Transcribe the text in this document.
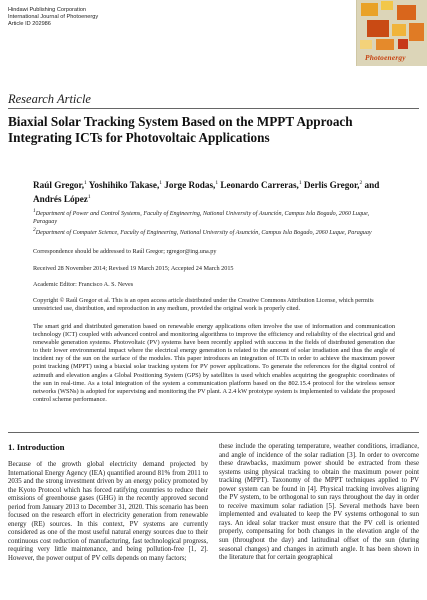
Hindawi Publishing Corporation
International Journal of Photoenergy
Article ID 202986
Photoenergy
Research Article
Biaxial Solar Tracking System Based on the MPPT Approach Integrating ICTs for Photovoltaic Applications
Raúl Gregor,$^1$ Yoshihiko Takase,$^1$ Jorge Rodas,$^1$ Leonardo Carreras,$^1$ Derlis Gregor,$^2$ and Andrés López$^1$
$^1$Department of Power and Control Systems, Faculty of Engineering, National University of Asunción, Campus Isla Bogado, 2060 Luque, Paraguay
$^2$Department of Computer Science, Faculty of Engineering, National University of Asunción, Campus Isla Bogado, 2060 Luque, Paraguay
Correspondence should be addressed to Raúl Gregor; rgregor@ing.una.py
Received 28 November 2014; Revised 19 March 2015; Accepted 24 March 2015
Academic Editor: Francisco A. S. Neves
Copyright © Raúl Gregor et al. This is an open access article distributed under the Creative Commons Attribution License, which permits unrestricted use, distribution, and reproduction in any medium, provided the original work is properly cited.
The smart grid and distributed generation based on renewable energy applications often involve the use of information and communication technology (ICT) coupled with advanced control and monitoring algorithms to improve the efficiency and reliability of the electrical grid and renewable generation systems. Photovoltaic (PV) systems have been recently applied with success in the fields of distributed generation due to their lower environmental impact where the electrical energy generation is related to the amount of solar irradiation and thus the angle of incident ray of the sun on the surface of the modules. This paper introduces an integration of ICTs in order to achieve the maximum power point tracking (MPPT) using a biaxial solar tracking system for PV power applications. To generate the references for the digital control of azimuth and elevation angles a Global Positioning System (GPS) by satellites is used which enables acquiring the geographic coordinates of the sun in real-time. As a total integration of the system a communication platform based on the 802.15.4 protocol for the wireless sensor networks (WSNs) is adopted for supervising and monitoring the PV plant. A 2.4 kW prototype system is implemented to validate the proposed control scheme performance.
1. Introduction
Because of the growth global electricity demand projected by International Energy Agency (IEA) quantified around 81% from 2011 to 2035 and the strong investment driven by an energy policy promoted by the Kyoto Protocol which has forced ratifying countries to reduce their emissions of greenhouse gases (GHG) in the recently approved second period from January 2013 to December 31, 2020. This scenario has been focused on the research effort in electricity generation from renewable energy (RE) sources. In this context, PV systems are currently considered as one of the most useful natural energy sources due to their continuous cost reduction of manufacturing, fast technological progress, requiring very little maintenance, and being pollution-free [1, 2]. However, the power output of PV cells depends on many factors;
these include the operating temperature, weather conditions, irradiance, and angle of incidence of the solar radiation [3]. In order to overcome these drawbacks, maximum power should be extracted from these systems using physical tracking to obtain the maximum power point tracking (MPPT). Taxonomy of the MPPT techniques applied to PV power system can be found in [4]. Physical tracking involves aligning the PV system, to be orthogonal to sun rays throughout the day in order to receive maximum solar radiation [5]. Several methods have been implemented and evaluated to keep the PV systems orthogonal to sun rays. An ideal solar tracker must ensure that the PV cell is oriented properly, compensating for both changes in the elevation angle of the sun (throughout the day) and latitudinal offset of the sun (during seasonal changes) and changes in azimuth angle. It has been shown in the literature that for certain geographical
